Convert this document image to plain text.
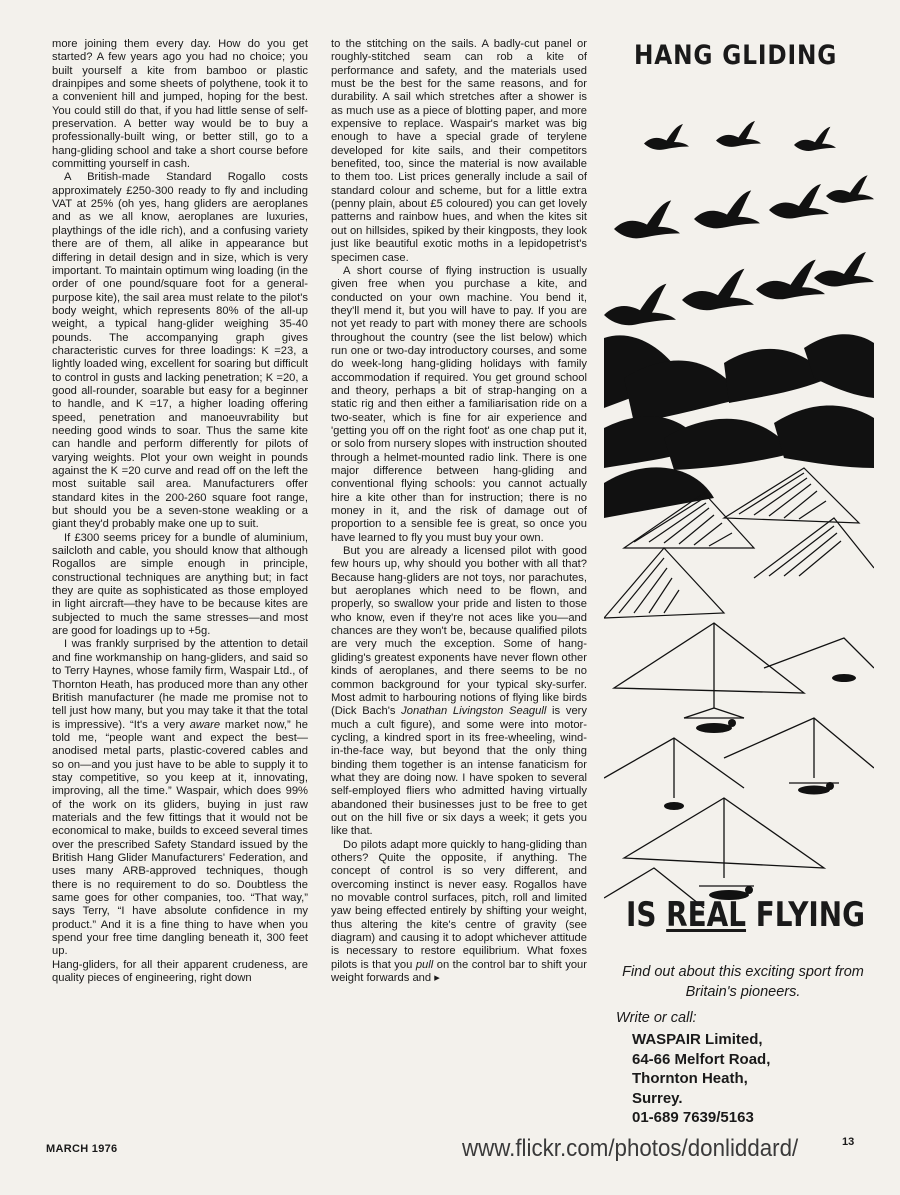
more joining them every day. How do you get started? A few years ago you had no choice; you built yourself a kite from bamboo or plastic drainpipes and some sheets of polythene, took it to a convenient hill and jumped, hoping for the best. You could still do that, if you had little sense of self-preservation. A better way would be to buy a professionally-built wing, or better still, go to a hang-gliding school and take a short course before committing yourself in cash.

A British-made Standard Rogallo costs approximately £250-300 ready to fly and including VAT at 25% (oh yes, hang gliders are aeroplanes and as we all know, aeroplanes are luxuries, playthings of the idle rich), and a confusing variety there are of them, all alike in appearance but differing in detail design and in size, which is very important. To maintain optimum wing loading (in the order of one pound/square foot for a general-purpose kite), the sail area must relate to the pilot's body weight, which represents 80% of the all-up weight, a typical hang-glider weighing 35-40 pounds. The accompanying graph gives characteristic curves for three loadings: K =23, a lightly loaded wing, excellent for soaring but difficult to control in gusts and lacking penetration; K =20, a good all-rounder, soarable but easy for a beginner to handle, and K =17, a higher loading offering speed, penetration and manoeuvrability but needing good winds to soar. Thus the same kite can handle and perform differently for pilots of varying weights. Plot your own weight in pounds against the K =20 curve and read off on the left the most suitable sail area. Manufacturers offer standard kites in the 200-260 square foot range, but should you be a seven-stone weakling or a giant they'd probably make one up to suit.

If £300 seems pricey for a bundle of aluminium, sailcloth and cable, you should know that although Rogallos are simple enough in principle, constructional techniques are anything but; in fact they are quite as sophisticated as those employed in light aircraft—they have to be because kites are subjected to much the same stresses—and most are good for loadings up to +5g.

I was frankly surprised by the attention to detail and fine workmanship on hang-gliders, and said so to Terry Haynes, whose family firm, Waspair Ltd., of Thornton Heath, has produced more than any other British manufacturer (he made me promise not to tell just how many, but you may take it that the total is impressive). “It's a very aware market now,” he told me, “people want and expect the best—anodised metal parts, plastic-covered cables and so on—and you just have to be able to supply it to stay competitive, so you keep at it, innovating, improving, all the time.” Waspair, which does 99% of the work on its gliders, buying in just raw materials and the few fittings that it would not be economical to make, builds to exceed several times over the prescribed Safety Standard issued by the British Hang Glider Manufacturers' Federation, and uses many ARB-approved techniques, though there is no requirement to do so. Doubtless the same goes for other companies, too. “That way,” says Terry, “I have absolute confidence in my product.” And it is a fine thing to have when you spend your free time dangling beneath it, 300 feet up.

Hang-gliders, for all their apparent crudeness, are quality pieces of engineering, right down

to the stitching on the sails. A badly-cut panel or roughly-stitched seam can rob a kite of performance and safety, and the materials used must be the best for the same reasons, and for durability. A sail which stretches after a shower is as much use as a piece of blotting paper, and more expensive to replace. Waspair's market was big enough to have a special grade of terylene developed for kite sails, and their competitors benefited, too, since the material is now available to them too. List prices generally include a sail of standard colour and scheme, but for a little extra (penny plain, about £5 coloured) you can get lovely patterns and rainbow hues, and when the kites sit out on hillsides, spiked by their kingposts, they look just like beautiful exotic moths in a lepidopetrist's specimen case.

A short course of flying instruction is usually given free when you purchase a kite, and conducted on your own machine. You bend it, they'll mend it, but you will have to pay. If you are not yet ready to part with money there are schools throughout the country (see the list below) which run one or two-day introductory courses, and some do week-long hang-gliding holidays with family accommodation if required. You get ground school and theory, perhaps a bit of strap-hanging on a static rig and then either a familiarisation ride on a two-seater, which is fine for air experience and 'getting you off on the right foot' as one chap put it, or solo from nursery slopes with instruction shouted through a helmet-mounted radio link. There is one major difference between hang-gliding and conventional flying schools: you cannot actually hire a kite other than for instruction; there is no money in it, and the risk of damage out of proportion to a sensible fee is great, so once you have learned to fly you must buy your own.

But you are already a licensed pilot with good few hours up, why should you bother with all that? Because hang-gliders are not toys, nor parachutes, but aeroplanes which need to be flown, and properly, so swallow your pride and listen to those who know, even if they're not aces like you—and chances are they won't be, because qualified pilots are very much the exception. Some of hang-gliding's greatest exponents have never flown other kinds of aeroplanes, and there seems to be no common background for your typical sky-surfer. Most admit to harbouring notions of flying like birds (Dick Bach's Jonathan Livingston Seagull is very much a cult figure), and some were into motor-cycling, a kindred sport in its free-wheeling, wind-in-the-face way, but beyond that the only thing binding them together is an intense fanaticism for what they are doing now. I have spoken to several self-employed fliers who admitted having virtually abandoned their businesses just to be free to get out on the hill five or six days a week; it gets you like that.

Do pilots adapt more quickly to hang-gliding than others? Quite the opposite, if anything. The concept of control is so very different, and overcoming instinct is never easy. Rogallos have no movable control surfaces, pitch, roll and limited yaw being effected entirely by shifting your weight, thus altering the kite's centre of gravity (see diagram) and causing it to adopt whichever attitude is necessary to restore equilibrium. What foxes pilots is that you pull on the control bar to shift your weight forwards and ▸

HANG GLIDING
IS REAL FLYING
Find out about this exciting sport from Britain's pioneers.
Write or call:
WASPAIR Limited,
64-66 Melfort Road,
Thornton Heath,
Surrey.
01-689 7639/5163
MARCH 1976	www.flickr.com/photos/donliddard/	13
